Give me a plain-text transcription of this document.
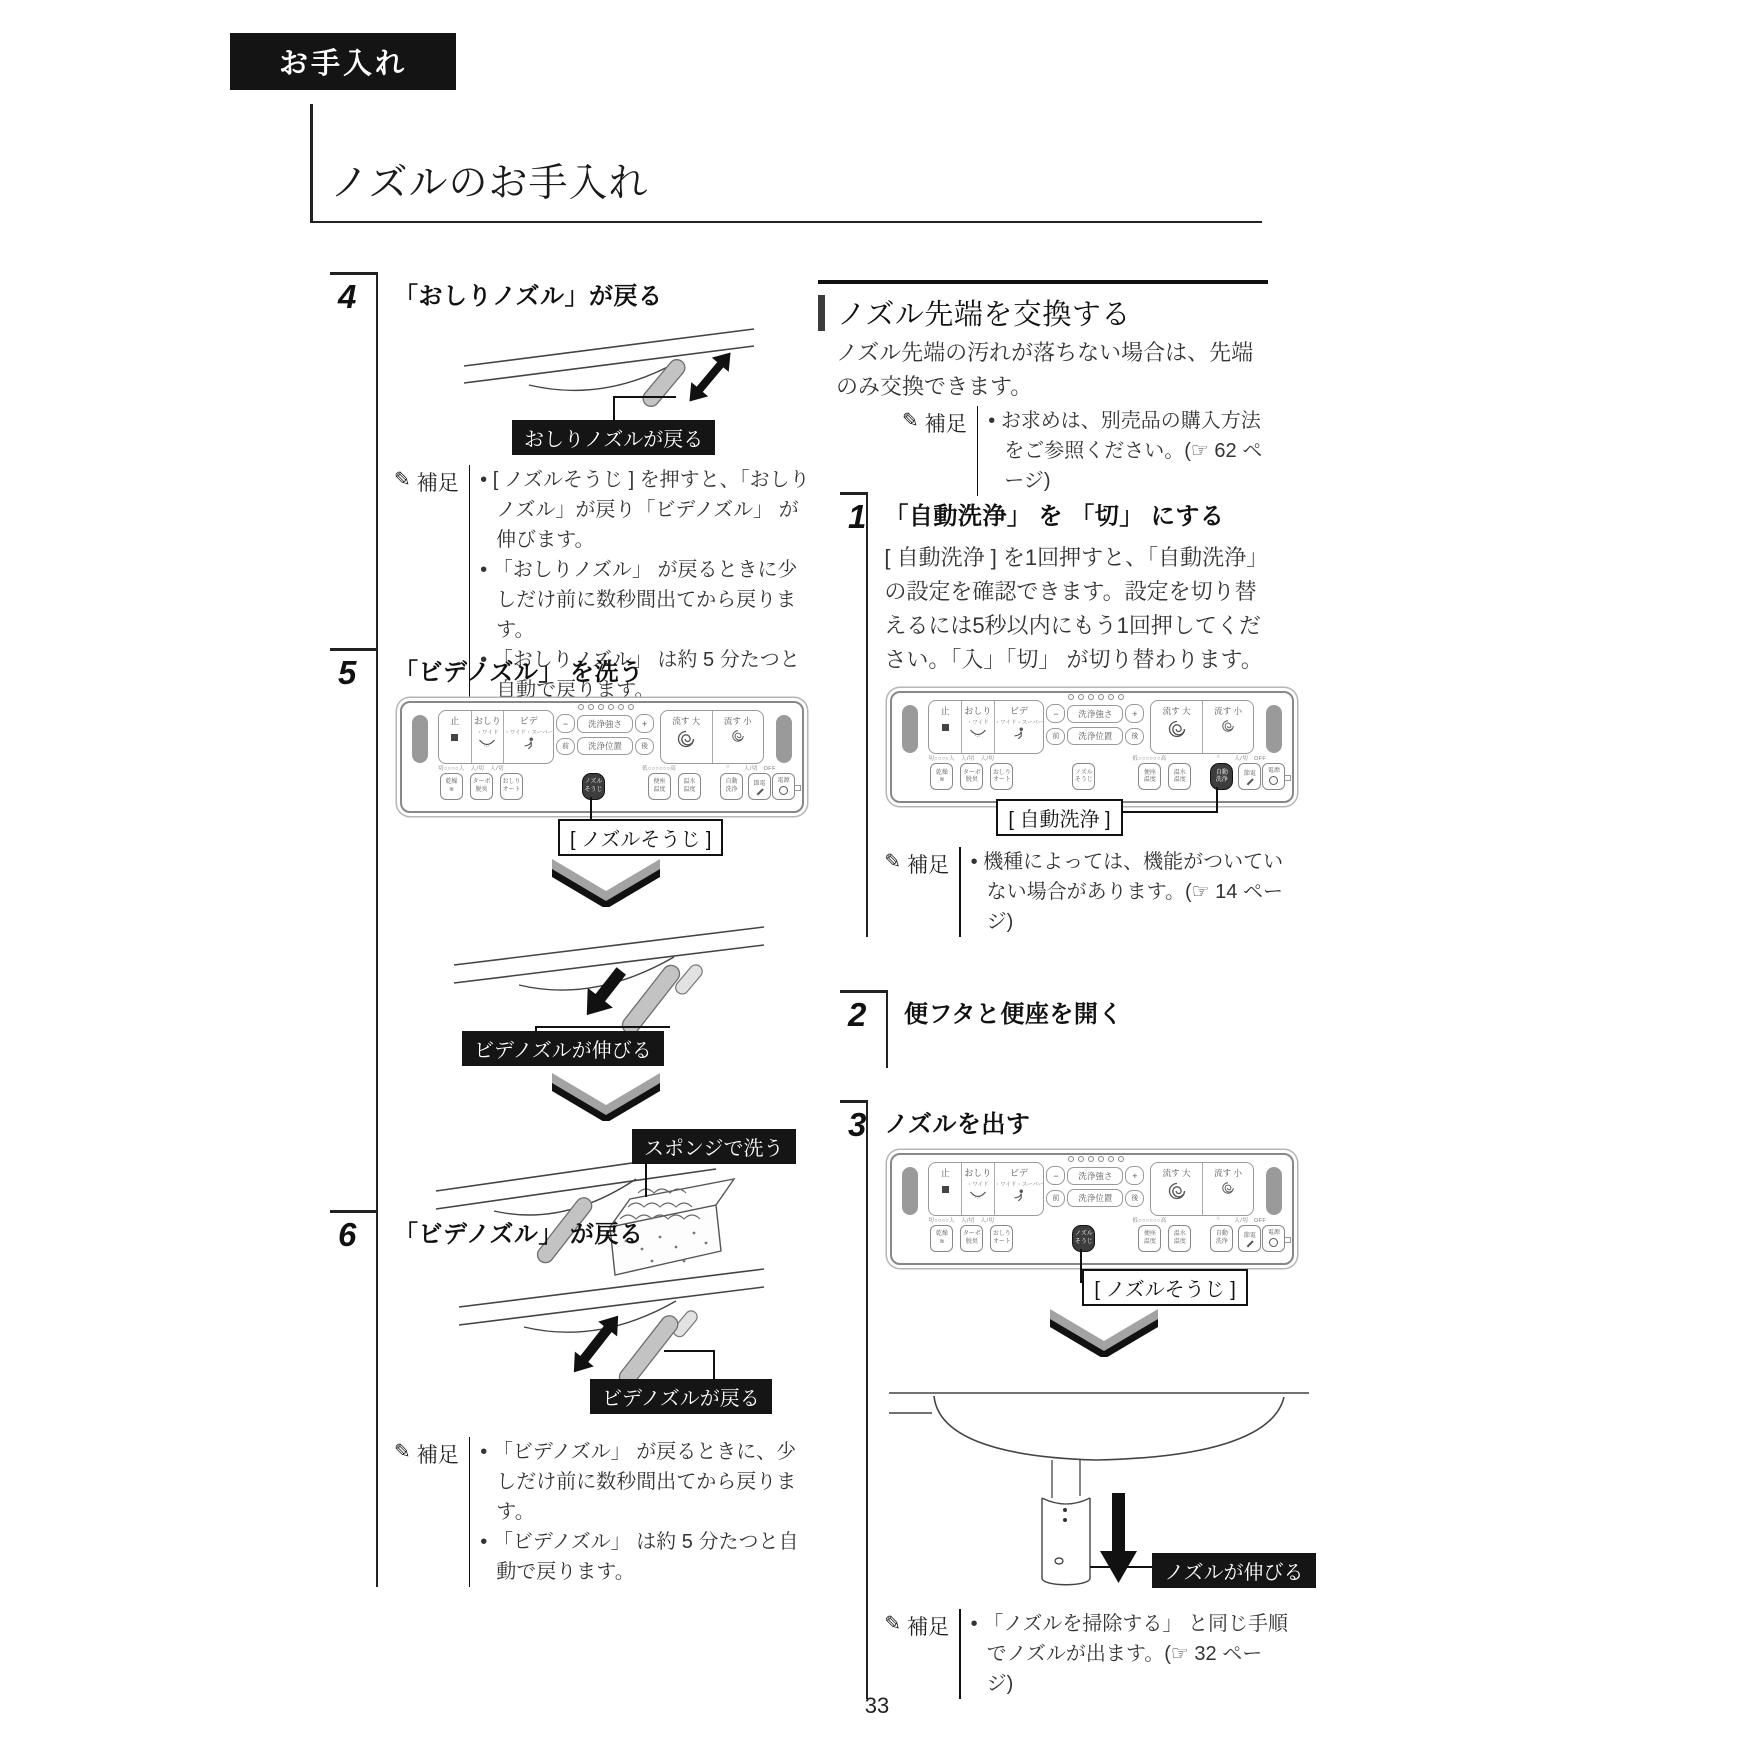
お手入れ
ノズルのお手入れ
4	「おしりノズル」が戻る
おしりノズルが戻る
✎ 補足	• [ ノズルそうじ ] を押すと、「おしりノズル」が戻り「ビデノズル」 が伸びます。
• 「おしりノズル」 が戻るときに少しだけ前に数秒間出てから戻ります。
• 「おしりノズル」 は約 5 分たつと自動で戻ります。
5	「ビデノズル」 を洗う
止 おしり
・ワイド
ビデ
・ワイド・スーパー
−	洗浄強さ	+
前	洗浄位置	後
流す 大	流す 小
切○○○○入　入/切　入/切	低○○○○○○高	○	入/切　OFF
乾燥
≋
ターボ
脱臭
おしり
オート
ノズル
そうじ
便座
温度
温水
温度
自動
洗浄
節電 電源
[ ノズルそうじ ]
ビデノズルが伸びる
スポンジで洗う
6	「ビデノズル」 が戻る
ビデノズルが戻る
✎ 補足	• 「ビデノズル」 が戻るときに、少しだけ前に数秒間出てから戻ります。
• 「ビデノズル」 は約 5 分たつと自動で戻ります。
ノズル先端を交換する
ノズル先端の汚れが落ちない場合は、先端のみ交換できます。
✎ 補足	• お求めは、別売品の購入方法をご参照ください。(☞ 62 ページ)
1 「自動洗浄」 を 「切」 にする
[ 自動洗浄 ] を1回押すと、「自動洗浄」 の設定を確認できます。設定を切り替えるには5秒以内にもう1回押してください。「入」「切」 が切り替わります。
止 おしり
・ワイド
ビデ
・ワイド・スーパー
−	洗浄強さ	+
前	洗浄位置	後
流す 大	流す 小
切○○○○入　入/切　入/切	低○○○○○○高	○	入/切　OFF
乾燥
≋
ターボ
脱臭
おしり
オート
ノズル
そうじ
便座
温度
温水
温度
自動
洗浄
節電 電源
[ 自動洗浄 ]
✎ 補足	• 機種によっては、機能がついていない場合があります。(☞ 14 ページ)
2	便フタと便座を開く
3 ノズルを出す
止 おしり
・ワイド
ビデ
・ワイド・スーパー
−	洗浄強さ	+
前	洗浄位置	後
流す 大	流す 小
切○○○○入　入/切　入/切	低○○○○○○高	○	入/切　OFF
乾燥
≋
ターボ
脱臭
おしり
オート
ノズル
そうじ
便座
温度
温水
温度
自動
洗浄
節電 電源
[ ノズルそうじ ]
ノズルが伸びる
✎ 補足	• 「ノズルを掃除する」 と同じ手順でノズルが出ます。(☞ 32 ページ)
33
